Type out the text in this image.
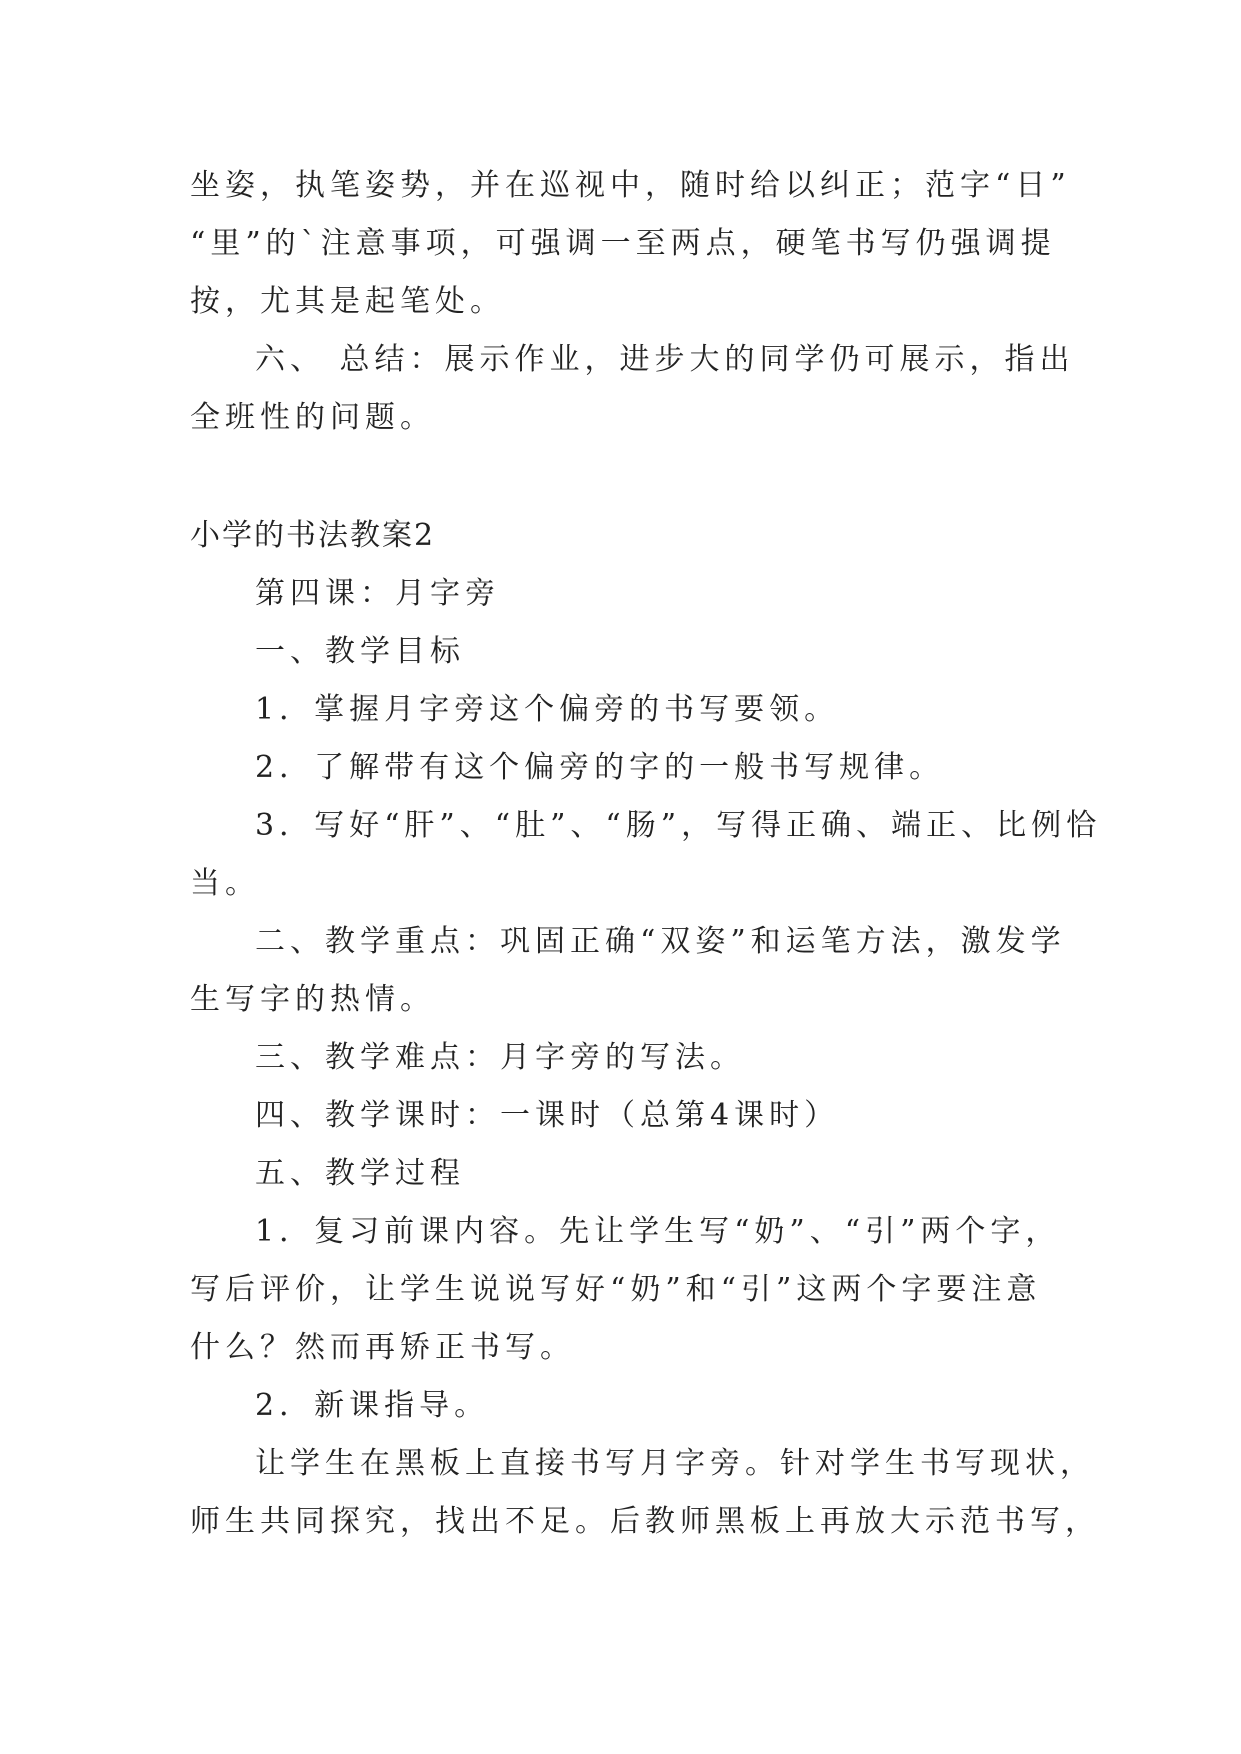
坐姿，执笔姿势，并在巡视中，随时给以纠正；范字“日”

“里”的`注意事项，可强调一至两点，硬笔书写仍强调提

按，尤其是起笔处。

六、 总结：展示作业，进步大的同学仍可展示，指出

全班性的问题。

小学的书法教案2

第四课：月字旁

一、教学目标

1．掌握月字旁这个偏旁的书写要领。

2．了解带有这个偏旁的字的一般书写规律。

3．写好“肝”、“肚”、“肠”，写得正确、端正、比例恰

当。

二、教学重点：巩固正确“双姿”和运笔方法，激发学

生写字的热情。

三、教学难点：月字旁的写法。

四、教学课时：一课时（总第4课时）

五、教学过程

1．复习前课内容。先让学生写“奶”、“引”两个字，

写后评价，让学生说说写好“奶”和“引”这两个字要注意

什么？然而再矫正书写。

2．新课指导。

让学生在黑板上直接书写月字旁。针对学生书写现状，

师生共同探究，找出不足。后教师黑板上再放大示范书写，
